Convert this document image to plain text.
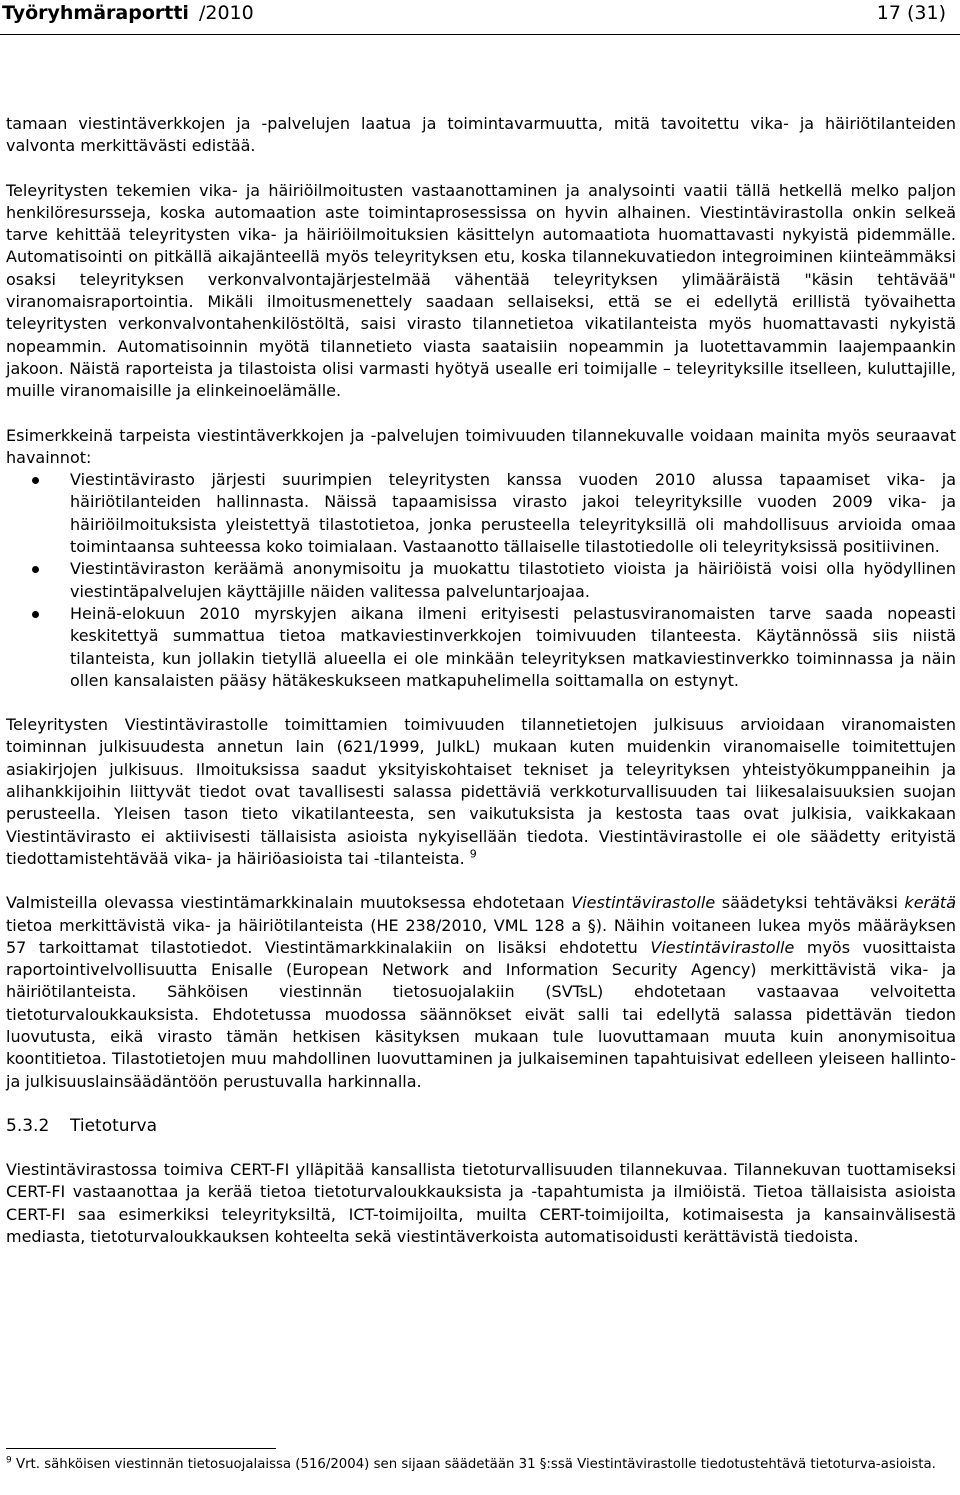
Työryhmäraportti /2010	17 (31)

tamaan viestintäverkkojen ja -palvelujen laatua ja toimintavarmuutta, mitä tavoitettu vika- ja häiriötilanteiden valvonta merkittävästi edistää.

Teleyritysten tekemien vika- ja häiriöilmoitusten vastaanottaminen ja analysointi vaatii tällä hetkellä melko paljon henkilöresursseja, koska automaation aste toimintaprosessissa on hyvin alhainen. Viestintävirastolla onkin selkeä tarve kehittää teleyritysten vika- ja häiriöilmoituksien käsittelyn automaatiota huomattavasti nykyistä pidemmälle. Automatisointi on pitkällä aikajänteellä myös teleyrityksen etu, koska tilannekuvatiedon integroiminen kiinteämmäksi osaksi teleyrityksen verkonvalvontajärjestelmää vähentää teleyrityksen ylimääräistä "käsin tehtävää" viranomaisraportointia. Mikäli ilmoitusmenettely saadaan sellaiseksi, että se ei edellytä erillistä työvaihetta teleyritysten verkonvalvontahenkilöstöltä, saisi virasto tilannetietoa vikatilanteista myös huomattavasti nykyistä nopeammin. Automatisoinnin myötä tilannetieto viasta saataisiin nopeammin ja luotettavammin laajempaankin jakoon. Näistä raporteista ja tilastoista olisi varmasti hyötyä usealle eri toimijalle – teleyrityksille itselleen, kuluttajille, muille viranomaisille ja elinkeinoelämälle.

Esimerkkeinä tarpeista viestintäverkkojen ja -palvelujen toimivuuden tilannekuvalle voidaan mainita myös seuraavat havainnot:

Viestintävirasto järjesti suurimpien teleyritysten kanssa vuoden 2010 alussa tapaamiset vika- ja häiriötilanteiden hallinnasta. Näissä tapaamisissa virasto jakoi teleyrityksille vuoden 2009 vika- ja häiriöilmoituksista yleistettyä tilastotietoa, jonka perusteella teleyrityksillä oli mahdollisuus arvioida omaa toimintaansa suhteessa koko toimialaan. Vastaanotto tällaiselle tilastotiedolle oli teleyrityksissä positiivinen.
Viestintäviraston keräämä anonymisoitu ja muokattu tilastotieto vioista ja häiriöistä voisi olla hyödyllinen viestintäpalvelujen käyttäjille näiden valitessa palveluntarjoajaa.
Heinä-elokuun 2010 myrskyjen aikana ilmeni erityisesti pelastusviranomaisten tarve saada nopeasti keskitettyä summattua tietoa matkaviestinverkkojen toimivuuden tilanteesta. Käytännössä siis niistä tilanteista, kun jollakin tietyllä alueella ei ole minkään teleyrityksen matkaviestinverkko toiminnassa ja näin ollen kansalaisten pääsy hätäkeskukseen matkapuhelimella soittamalla on estynyt.

Teleyritysten Viestintävirastolle toimittamien toimivuuden tilannetietojen julkisuus arvioidaan viranomaisten toiminnan julkisuudesta annetun lain (621/1999, JulkL) mukaan kuten muidenkin viranomaiselle toimitettujen asiakirjojen julkisuus. Ilmoituksissa saadut yksityiskohtaiset tekniset ja teleyrityksen yhteistyökumppaneihin ja alihankkijoihin liittyvät tiedot ovat tavallisesti salassa pidettäviä verkkoturvallisuuden tai liikesalaisuuksien suojan perusteella. Yleisen tason tieto vikatilanteesta, sen vaikutuksista ja kestosta taas ovat julkisia, vaikkakaan Viestintävirasto ei aktiivisesti tällaisista asioista nykyisellään tiedota. Viestintävirastolle ei ole säädetty erityistä tiedottamistehtävää vika- ja häiriöasioista tai -tilanteista. $^9$

Valmisteilla olevassa viestintämarkkinalain muutoksessa ehdotetaan Viestintävirastolle säädetyksi tehtäväksi kerätä tietoa merkittävistä vika- ja häiriötilanteista (HE 238/2010, VML 128 a §). Näihin voitaneen lukea myös määräyksen 57 tarkoittamat tilastotiedot. Viestintämarkkinalakiin on lisäksi ehdotettu Viestintävirastolle myös vuosittaista raportointivelvollisuutta Enisalle (European Network and Information Security Agency) merkittävistä vika- ja häiriötilanteista. Sähköisen viestinnän tietosuojalakiin (SVTsL) ehdotetaan vastaavaa velvoitetta tietoturvaloukkauksista. Ehdotetussa muodossa säännökset eivät salli tai edellytä salassa pidettävän tiedon luovutusta, eikä virasto tämän hetkisen käsityksen mukaan tule luovuttamaan muuta kuin anonymisoitua koontitietoa. Tilastotietojen muu mahdollinen luovuttaminen ja julkaiseminen tapahtuisivat edelleen yleiseen hallinto- ja julkisuuslainsäädäntöön perustuvalla harkinnalla.

5.3.2 Tietoturva

Viestintävirastossa toimiva CERT-FI ylläpitää kansallista tietoturvallisuuden tilannekuvaa. Tilannekuvan tuottamiseksi CERT-FI vastaanottaa ja kerää tietoa tietoturvaloukkauksista ja -tapahtumista ja ilmiöistä. Tietoa tällaisista asioista CERT-FI saa esimerkiksi teleyrityksiltä, ICT-toimijoilta, muilta CERT-toimijoilta, kotimaisesta ja kansainvälisestä mediasta, tietoturvaloukkauksen kohteelta sekä viestintäverkoista automatisoidusti kerättävistä tiedoista.

$^9$ Vrt. sähköisen viestinnän tietosuojalaissa (516/2004) sen sijaan säädetään 31 §:ssä Viestintävirastolle tiedotustehtävä tietoturva-asioista.
